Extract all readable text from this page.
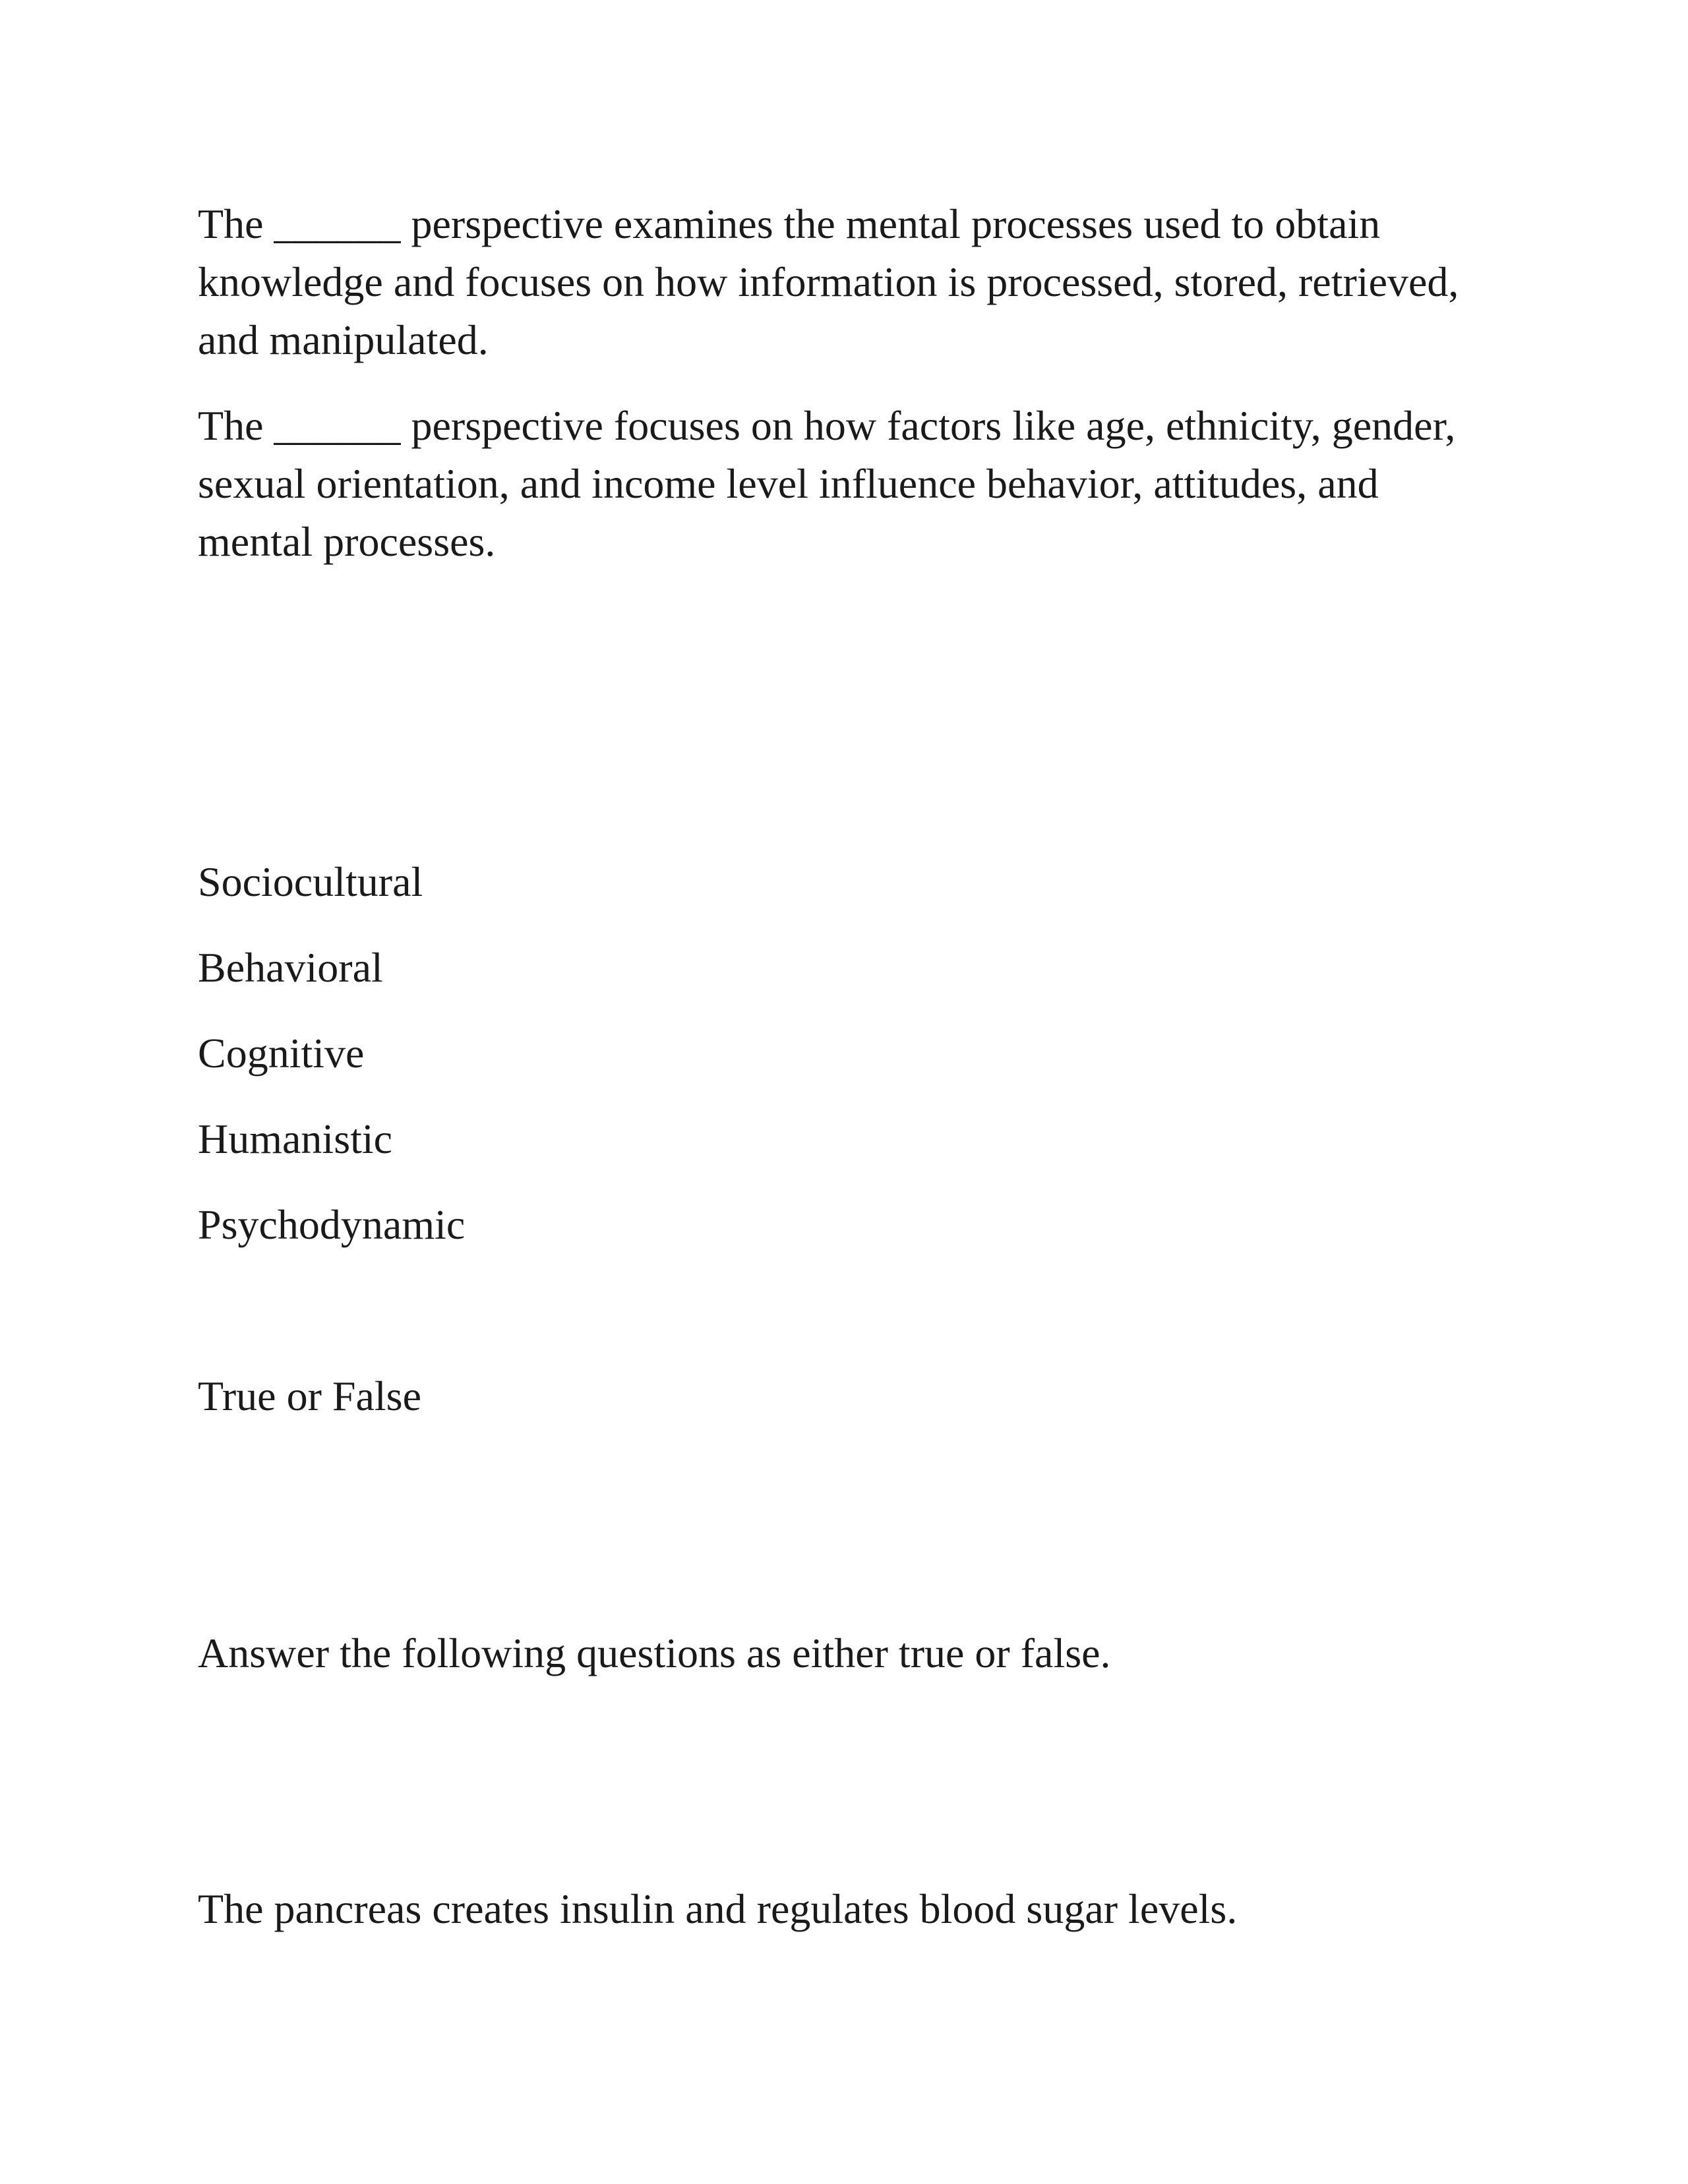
The ______ perspective examines the mental processes used to obtain knowledge and focuses on how information is processed, stored, retrieved, and manipulated.

The ______ perspective focuses on how factors like age, ethnicity, gender, sexual orientation, and income level influence behavior, attitudes, and mental processes.

Sociocultural

Behavioral

Cognitive

Humanistic

Psychodynamic

True or False

Answer the following questions as either true or false.

The pancreas creates insulin and regulates blood sugar levels.
